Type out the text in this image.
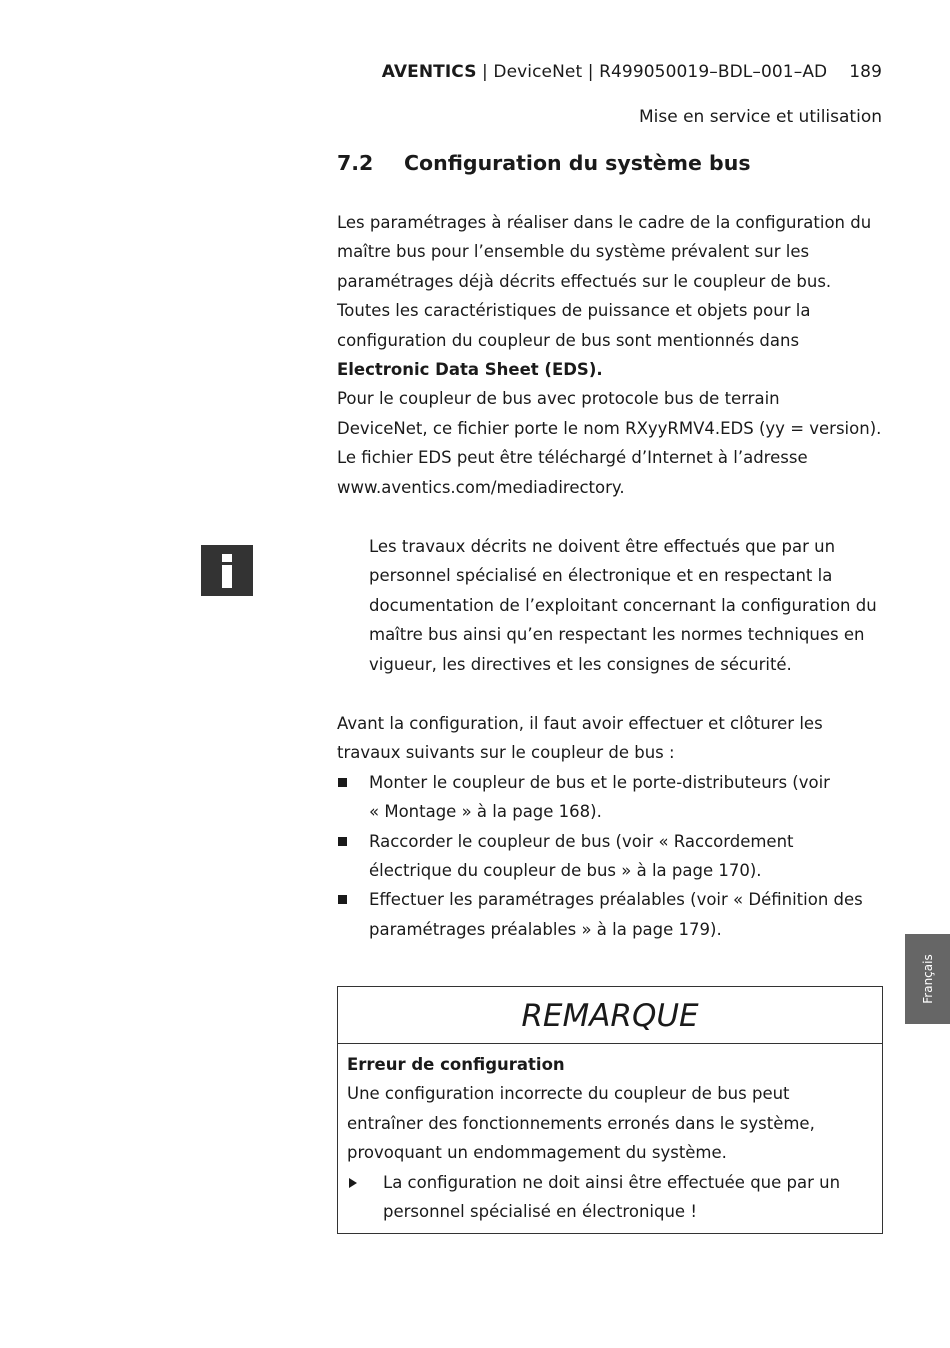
AVENTICS | DeviceNet | R499050019–BDL–001–AD 189
Mise en service et utilisation
7.2 Configuration du système bus

Les paramétrages à réaliser dans le cadre de la configuration du

maître bus pour l’ensemble du système prévalent sur les

paramétrages déjà décrits effectués sur le coupleur de bus.

Toutes les caractéristiques de puissance et objets pour la

configuration du coupleur de bus sont mentionnés dans

Electronic Data Sheet (EDS).

Pour le coupleur de bus avec protocole bus de terrain

DeviceNet, ce fichier porte le nom RXyyRMV4.EDS (yy = version).

Le fichier EDS peut être téléchargé d’Internet à l’adresse

www.aventics.com/mediadirectory.

Les travaux décrits ne doivent être effectués que par un

personnel spécialisé en électronique et en respectant la

documentation de l’exploitant concernant la configuration du

maître bus ainsi qu’en respectant les normes techniques en

vigueur, les directives et les consignes de sécurité.

Avant la configuration, il faut avoir effectuer et clôturer les

travaux suivants sur le coupleur de bus :

Monter le coupleur de bus et le porte-distributeurs (voir
« Montage » à la page 168).
Raccorder le coupleur de bus (voir « Raccordement
électrique du coupleur de bus » à la page 170).
Effectuer les paramétrages préalables (voir « Définition des
paramétrages préalables » à la page 179).
REMARQUE

Erreur de configuration

Une configuration incorrecte du coupleur de bus peut

entraîner des fonctionnements erronés dans le système,

provoquant un endommagement du système.

La configuration ne doit ainsi être effectuée que par un
personnel spécialisé en électronique !
Français
